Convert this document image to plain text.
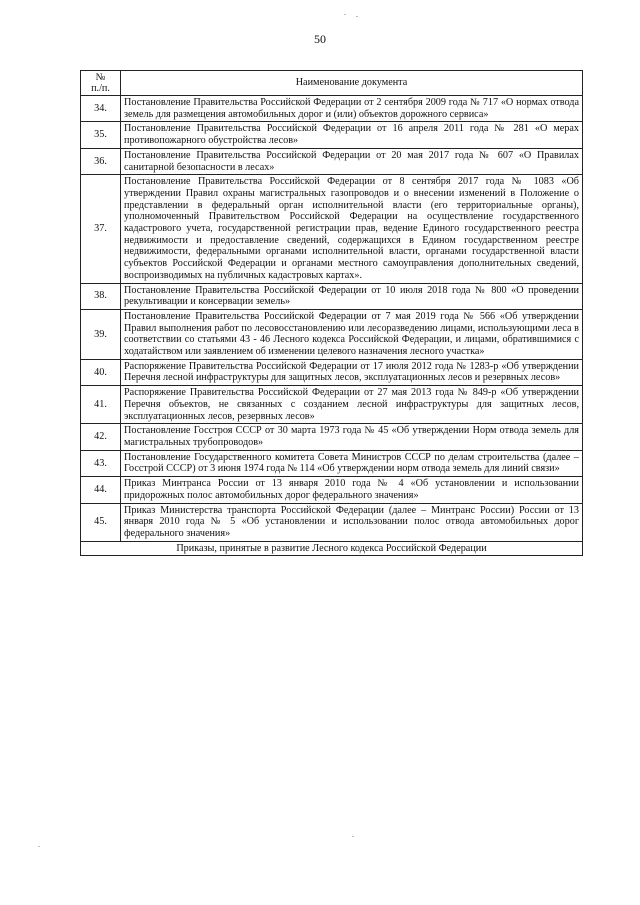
50
№
п./п.	Наименование документа
34.	Постановление Правительства Российской Федерации от 2 сентября 2009 года № 717 «О нормах отвода земель для размещения автомобильных дорог и (или) объектов дорожного сервиса»
35.	Постановление Правительства Российской Федерации от 16 апреля 2011 года № 281 «О мерах противопожарного обустройства лесов»
36.	Постановление Правительства Российской Федерации от 20 мая 2017 года № 607 «О Правилах санитарной безопасности в лесах»
37.	Постановление Правительства Российской Федерации от 8 сентября 2017 года № 1083 «Об утверждении Правил охраны магистральных газопроводов и о внесении изменений в Положение о представлении в федеральный орган исполнительной власти (его территориальные органы), уполномоченный Правительством Российской Федерации на осуществление государственного кадастрового учета, государственной регистрации прав, ведение Единого государственного реестра недвижимости и предоставление сведений, содержащихся в Едином государственном реестре недвижимости, федеральными органами исполнительной власти, органами государственной власти субъектов Российской Федерации и органами местного самоуправления дополнительных сведений, воспроизводимых на публичных кадастровых картах».
38.	Постановление Правительства Российской Федерации от 10 июля 2018 года № 800 «О проведении рекультивации и консервации земель»
39.	Постановление Правительства Российской Федерации от 7 мая 2019 года № 566 «Об утверждении Правил выполнения работ по лесовосстановлению или лесоразведению лицами, использующими леса в соответствии со статьями 43 - 46 Лесного кодекса Российской Федерации, и лицами, обратившимися с ходатайством или заявлением об изменении целевого назначения лесного участка»
40.	Распоряжение Правительства Российской Федерации от 17 июля 2012 года № 1283-р «Об утверждении Перечня лесной инфраструктуры для защитных лесов, эксплуатационных лесов и резервных лесов»
41.	Распоряжение Правительства Российской Федерации от 27 мая 2013 года № 849-р «Об утверждении Перечня объектов, не связанных с созданием лесной инфраструктуры для защитных лесов, эксплуатационных лесов, резервных лесов»
42.	Постановление Госстроя СССР от 30 марта 1973 года № 45 «Об утверждении Норм отвода земель для магистральных трубопроводов»
43.	Постановление Государственного комитета Совета Министров СССР по делам строительства (далее – Госстрой СССР) от 3 июня 1974 года № 114 «Об утверждении норм отвода земель для линий связи»
44.	Приказ Минтранса России от 13 января 2010 года № 4 «Об установлении и использовании придорожных полос автомобильных дорог федерального значения»
45.	Приказ Министерства транспорта Российской Федерации (далее – Минтранс России) России от 13 января 2010 года № 5 «Об установлении и использовании полос отвода автомобильных дорог федерального значения»
Приказы, принятые в развитие Лесного кодекса Российской Федерации	
